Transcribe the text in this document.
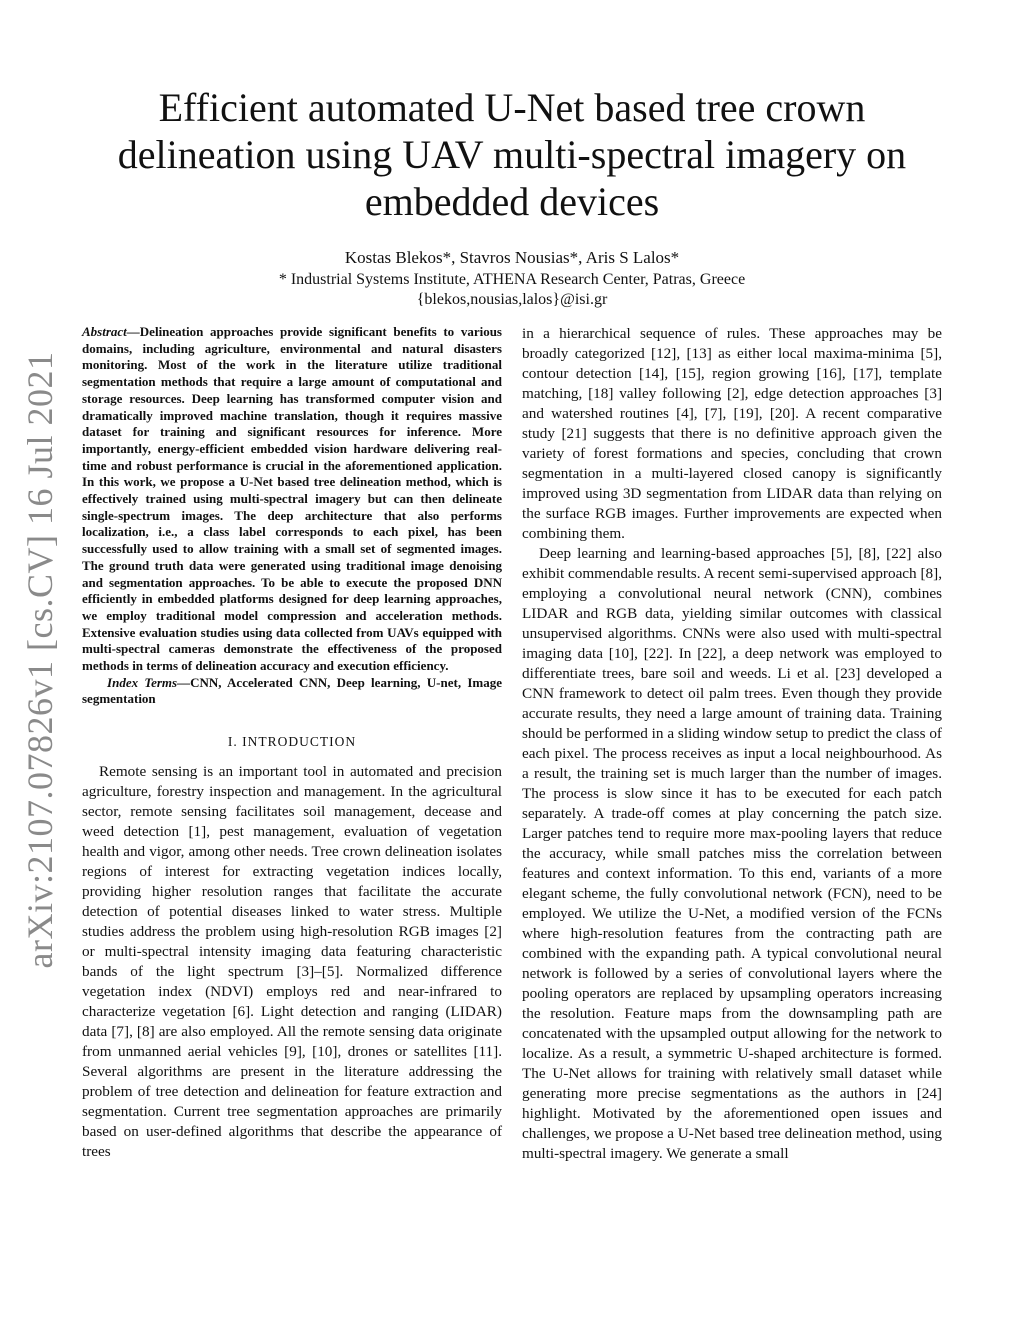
arXiv:2107.07826v1 [cs.CV] 16 Jul 2021
Efficient automated U-Net based tree crown delineation using UAV multi-spectral imagery on embedded devices
Kostas Blekos*, Stavros Nousias*, Aris S Lalos*
* Industrial Systems Institute, ATHENA Research Center, Patras, Greece
{blekos,nousias,lalos}@isi.gr

Abstract—Delineation approaches provide significant benefits to various domains, including agriculture, environmental and natural disasters monitoring. Most of the work in the literature utilize traditional segmentation methods that require a large amount of computational and storage resources. Deep learning has transformed computer vision and dramatically improved machine translation, though it requires massive dataset for training and significant resources for inference. More importantly, energy-efficient embedded vision hardware delivering real-time and robust performance is crucial in the aforementioned application. In this work, we propose a U-Net based tree delineation method, which is effectively trained using multi-spectral imagery but can then delineate single-spectrum images. The deep architecture that also performs localization, i.e., a class label corresponds to each pixel, has been successfully used to allow training with a small set of segmented images. The ground truth data were generated using traditional image denoising and segmentation approaches. To be able to execute the proposed DNN efficiently in embedded platforms designed for deep learning approaches, we employ traditional model compression and acceleration methods. Extensive evaluation studies using data collected from UAVs equipped with multi-spectral cameras demonstrate the effectiveness of the proposed methods in terms of delineation accuracy and execution efficiency.

Index Terms—CNN, Accelerated CNN, Deep learning, U-net, Image segmentation

I. INTRODUCTION

Remote sensing is an important tool in automated and precision agriculture, forestry inspection and management. In the agricultural sector, remote sensing facilitates soil management, decease and weed detection [1], pest management, evaluation of vegetation health and vigor, among other needs. Tree crown delineation isolates regions of interest for extracting vegetation indices locally, providing higher resolution ranges that facilitate the accurate detection of potential diseases linked to water stress. Multiple studies address the problem using high-resolution RGB images [2] or multi-spectral intensity imaging data featuring characteristic bands of the light spectrum [3]–[5]. Normalized difference vegetation index (NDVI) employs red and near-infrared to characterize vegetation [6]. Light detection and ranging (LIDAR) data [7], [8] are also employed. All the remote sensing data originate from unmanned aerial vehicles [9], [10], drones or satellites [11]. Several algorithms are present in the literature addressing the problem of tree detection and delineation for feature extraction and segmentation. Current tree segmentation approaches are primarily based on user-defined algorithms that describe the appearance of trees

in a hierarchical sequence of rules. These approaches may be broadly categorized [12], [13] as either local maxima-minima [5], contour detection [14], [15], region growing [16], [17], template matching, [18] valley following [2], edge detection approaches [3] and watershed routines [4], [7], [19], [20]. A recent comparative study [21] suggests that there is no definitive approach given the variety of forest formations and species, concluding that crown segmentation in a multi-layered closed canopy is significantly improved using 3D segmentation from LIDAR data than relying on the surface RGB images. Further improvements are expected when combining them.

Deep learning and learning-based approaches [5], [8], [22] also exhibit commendable results. A recent semi-supervised approach [8], employing a convolutional neural network (CNN), combines LIDAR and RGB data, yielding similar outcomes with classical unsupervised algorithms. CNNs were also used with multi-spectral imaging data [10], [22]. In [22], a deep network was employed to differentiate trees, bare soil and weeds. Li et al. [23] developed a CNN framework to detect oil palm trees. Even though they provide accurate results, they need a large amount of training data. Training should be performed in a sliding window setup to predict the class of each pixel. The process receives as input a local neighbourhood. As a result, the training set is much larger than the number of images. The process is slow since it has to be executed for each patch separately. A trade-off comes at play concerning the patch size. Larger patches tend to require more max-pooling layers that reduce the accuracy, while small patches miss the correlation between features and context information. To this end, variants of a more elegant scheme, the fully convolutional network (FCN), need to be employed. We utilize the U-Net, a modified version of the FCNs where high-resolution features from the contracting path are combined with the expanding path. A typical convolutional neural network is followed by a series of convolutional layers where the pooling operators are replaced by upsampling operators increasing the resolution. Feature maps from the downsampling path are concatenated with the upsampled output allowing for the network to localize. As a result, a symmetric U-shaped architecture is formed. The U-Net allows for training with relatively small dataset while generating more precise segmentations as the authors in [24] highlight. Motivated by the aforementioned open issues and challenges, we propose a U-Net based tree delineation method, using multi-spectral imagery. We generate a small
